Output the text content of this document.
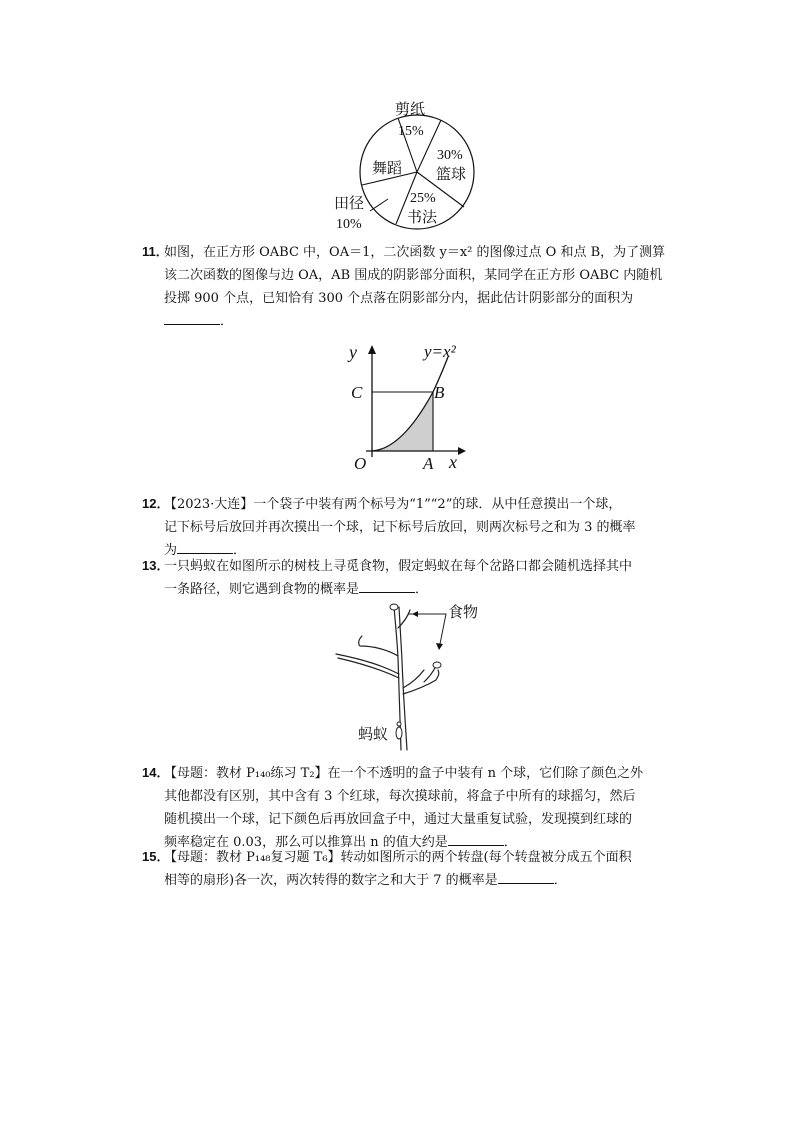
剪纸
15%
30%
篮球
舞蹈
田径
10%
25%
书法
11．如图，在正方形 OABC 中，OA＝1，二次函数 y＝x² 的图像过点 O 和点 B，为了测算
该二次函数的图像与边 OA，AB 围成的阴影部分面积，某同学在正方形 OABC 内随机
投掷 900 个点，已知恰有 300 个点落在阴影部分内，据此估计阴影部分的面积为
．
y
C	B
O	A x
y=x²
12．【2023·大连】一个袋子中装有两个标号为“1”“2”的球．从中任意摸出一个球，
记下标号后放回并再次摸出一个球，记下标号后放回，则两次标号之和为 3 的概率
为	．
13．一只蚂蚁在如图所示的树枝上寻觅食物，假定蚂蚁在每个岔路口都会随机选择其中
一条路径，则它遇到食物的概率是	．
食物
蚂蚁
14．【母题：教材 P₁₄₀练习 T₂】在一个不透明的盒子中装有 n 个球，它们除了颜色之外
其他都没有区别，其中含有 3 个红球，每次摸球前，将盒子中所有的球摇匀，然后
随机摸出一个球，记下颜色后再放回盒子中，通过大量重复试验，发现摸到红球的
频率稳定在 0.03，那么可以推算出 n 的值大约是	．
15．【母题：教材 P₁₄₈复习题 T₆】转动如图所示的两个转盘(每个转盘被分成五个面积
相等的扇形)各一次，两次转得的数字之和大于 7 的概率是	．
